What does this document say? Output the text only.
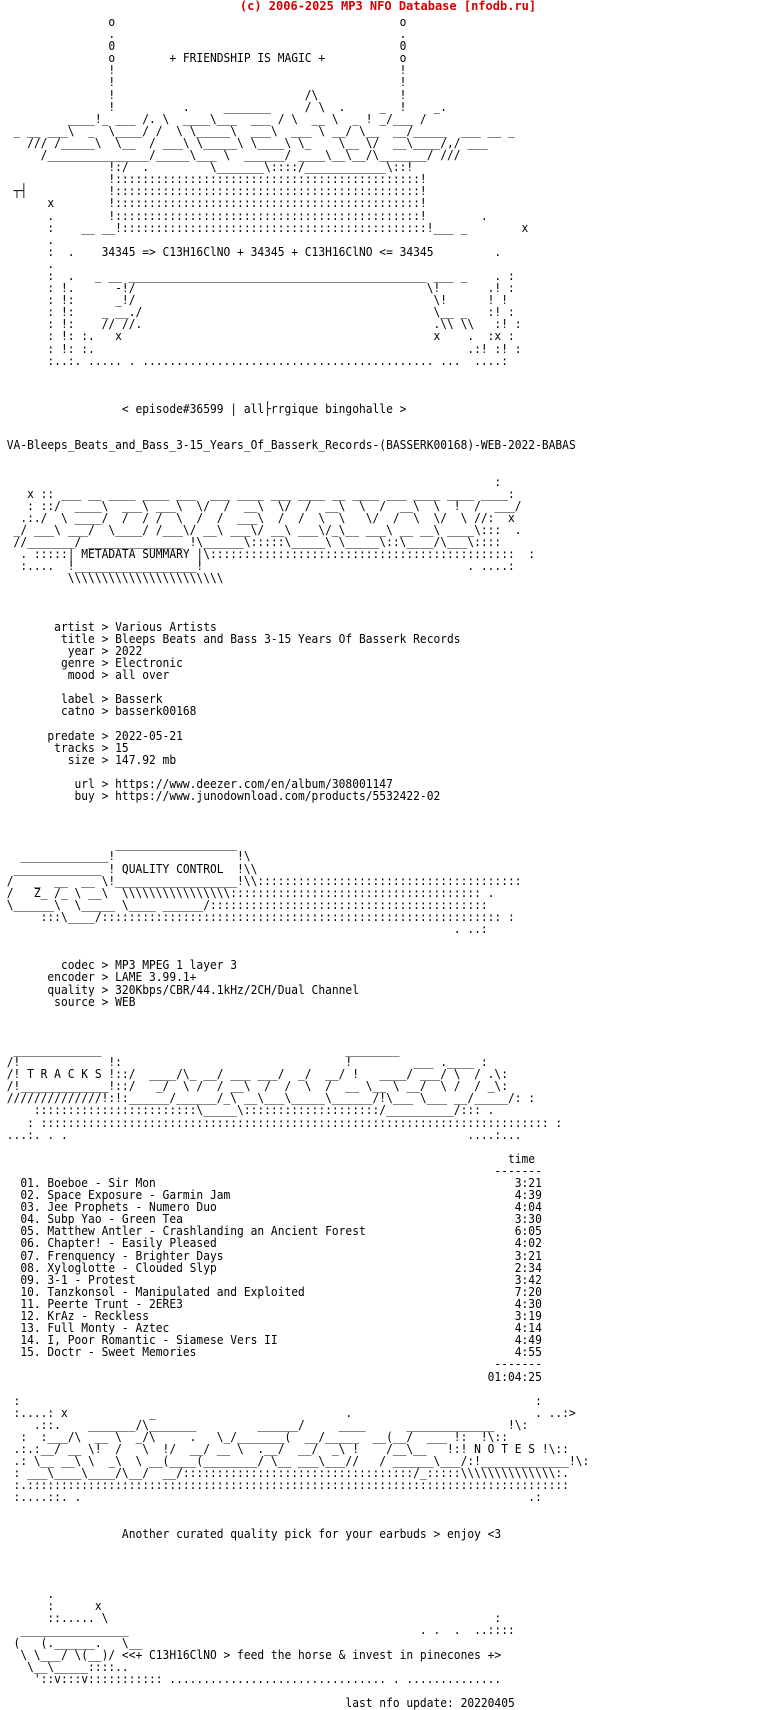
(c) 2006-2025 MP3 NFO Database [nfodb.ru]
o                                          o
.                                          .
0                                          0
o        + FRIENDSHIP IS MAGIC +           o
!                                          !
!                                          !
!                            /\            !
!          .     _______     / \  .     _  !    _.
____!_ ___ /. \  ____\___  ___ / \  __ \  _ ! _/___ /
_ __ ___\  _  \____/ /  \ \_____\  ___\  ___ \ __/ \__  __/_____  ___ __ _
/// /_____\  \__  / ___\ \_____\ \____\ \_    \__ \/  __\____/,/ ___
/_______________/_____\___ \  ______/ ____\__\__/\_______/ ///
!:/  .         \_______\::::/____________\::!
!:::::::::::::::::::::::::::::::::::::::::::::!
┬┤            !:::::::::::::::::::::::::::::::::::::::::::::!
x        !:::::::::::::::::::::::::::::::::::::::::::::!
.        !:::::::::::::::::::::::::::::::::::::::::::::!        .
:    __ __!:::::::::::::::::::::::::::::::::::::::::::::!___ _        x
.
:  .    34345 => C13H16ClNO + 34345 + C13H16ClNO <= 34345         .
.
:  .   _ __ ____________________________________________ ___ _    . :
: !.      -!/                                           \!       .! :
: !:      _!/                                            \!      ! !
: !:    _ __./                                           \__ _   :! :
: !:    // //.                                           .\\ \\   :! :
: !: :.   x                                              x    .  :x :
: !: :.                                                       .:! :! :
:..:. ..... . ........................................... ...  ....:

< episode#36599 | all├rrgique bingohalle >

VA-Bleeps_Beats_and_Bass_3-15_Years_Of_Basserk_Records-(BASSERK00168)-WEB-2022-BABAS

:
x :: ___ __ ____ ____ ___  ___ ____ ___ ____ __ ____ ___ ____ ____ ____:
: ::/  ____\  ___\ ___\  \/  /  __\  \/  /  __\  \  /  __\  \  !  /  ___/
.:./  \ ____/  /  / /  \  /  /  ___\  /  /  \  \   \/  /  \  \/  \ //:  x
_/ ___\ ___/  \____/ /___\/ __\ ___\/ __\ ___\/_\__ ___\ __ __\ ____\:::  .
//_______/ ______________ !\______\:::::\_____\ \_____\::\____/\___\::::
. :::::| METADATA SUMMARY |\:::::::::::::::::::::::::::::::::::::::::::::  :
:....  !__________________!                                       . ....:
\\\\\\\\\\\\\\\\\\\\\\\

artist > Various Artists
title > Bleeps Beats and Bass 3-15 Years Of Basserk Records
year > 2022
genre > Electronic
mood > all over

label > Basserk
catno > basserk00168

predate > 2022-05-21
tracks > 15
size > 147.92 mb

url > https://www.deezer.com/en/album/308001147
buy > https://www.junodownload.com/products/5532422-02

__________________
_____________!                  !\
_____________ ! QUALITY CONTROL  !\\
/   _  __  __ \!__________________!\\:::::::::::::::::::::::::::::::::::::::
/   Z_ /_ \ __\  \\\\\\\\\\\\\\\\::::::::::::::::::::::::::::::::::::: .
\______\  \_____ \____ ______/:::::::::::::::::::::::::::::::::::::::::
:::\____/::::::::::::::::::::::::::::::::::::::::::::::::::::::::::: :
. ..:

codec > MP3 MPEG 1 layer 3
encoder > LAME 3.99.1+
quality > 320Kbps/CBR/44.1kHz/2CH/Dual Channel
source > WEB

_____________                                    ________
/!             !:                                 !         ___ .____ :
/! T R A C K S !::/  ____/\_ __/ ___ ___/  _/  __/ !   ____/ ___/ \  / .\:
/!_____________!::/   _/  \ /  / __\  /  /  \  /  __ \__ \ __/  \ /  / _\:
//////////////!:!:______/______/_\ __\___\_____\______/!\___ \___ __/_____/: :
::::::::::::::::::::::::\_____\::::::::::::::::::::/__________/::: .
: ::::::::::::::::::::::::::::::::::::::::::::::::::::::::::::::::::::::::::: :
...:. . .                                                           ....:...

time
-------
01. Boeboe - Sir Mon                                                     3:21
02. Space Exposure - Garmin Jam                                          4:39
03. Jee Prophets - Numero Duo                                            4:04
04. Subp Yao - Green Tea                                                 3:30
05. Matthew Antler - Crashlanding an Ancient Forest                      6:05
06. Chapter! - Easily Pleased                                            4:02
07. Frenquency - Brighter Days                                           3:21
08. Xyloglotte - Clouded Slyp                                            2:34
09. 3-1 - Protest                                                        3:42
10. Tanzkonsol - Manipulated and Exploited                               7:20
11. Peerte Trunt - 2ERE3                                                 4:30
12. KrAz - Reckless                                                      3:19
13. Full Monty - Aztec                                                   4:14
14. I, Poor Romantic - Siamese Vers II                                   4:49
15. Doctr - Sweet Memories                                               4:55
-------
01:04:25

:                                                                            :
:....: x            _                            .                           . ..:>
.::.    _______/\_______         ______/     ____      _____________  !\:
:  :___/\  __ \  _/\     .   \_/_______(  __/_____  __(__/  ___ !:  !\::
.:.:__/ __ \!  /   \  !/  __/ __ \  .__/  __/  _\ !    /__\__   !:! N O T E S !\::
.: \__ __\ \  _\  \ __(____(________/ \__ ___\___//   / ______\___/:!_____________!\:
: ___\____\____/\__/  __/::::::::::::::::::::::::::::::::::/_:::::\\\\\\\\\\\\\\:.
:.::::::::::::::::::::::::::::::::::::::::::::::::::::::::::::::::::::::::::::::::
:....::. .                                                                  .:

Another curated quality pick for your earbuds > enjoy <3

.
:      x
::..... \                                                         :
________________                                           . .  .  ..::::
(   (.______.   \__
\ \___/ \(__)/ <<+ C13H16ClNO > feed the horse & invest in pinecones +>
\__\_____::::..
'::v:::v::::::::::: ................................ . ..............

last nfo update: 20220405
